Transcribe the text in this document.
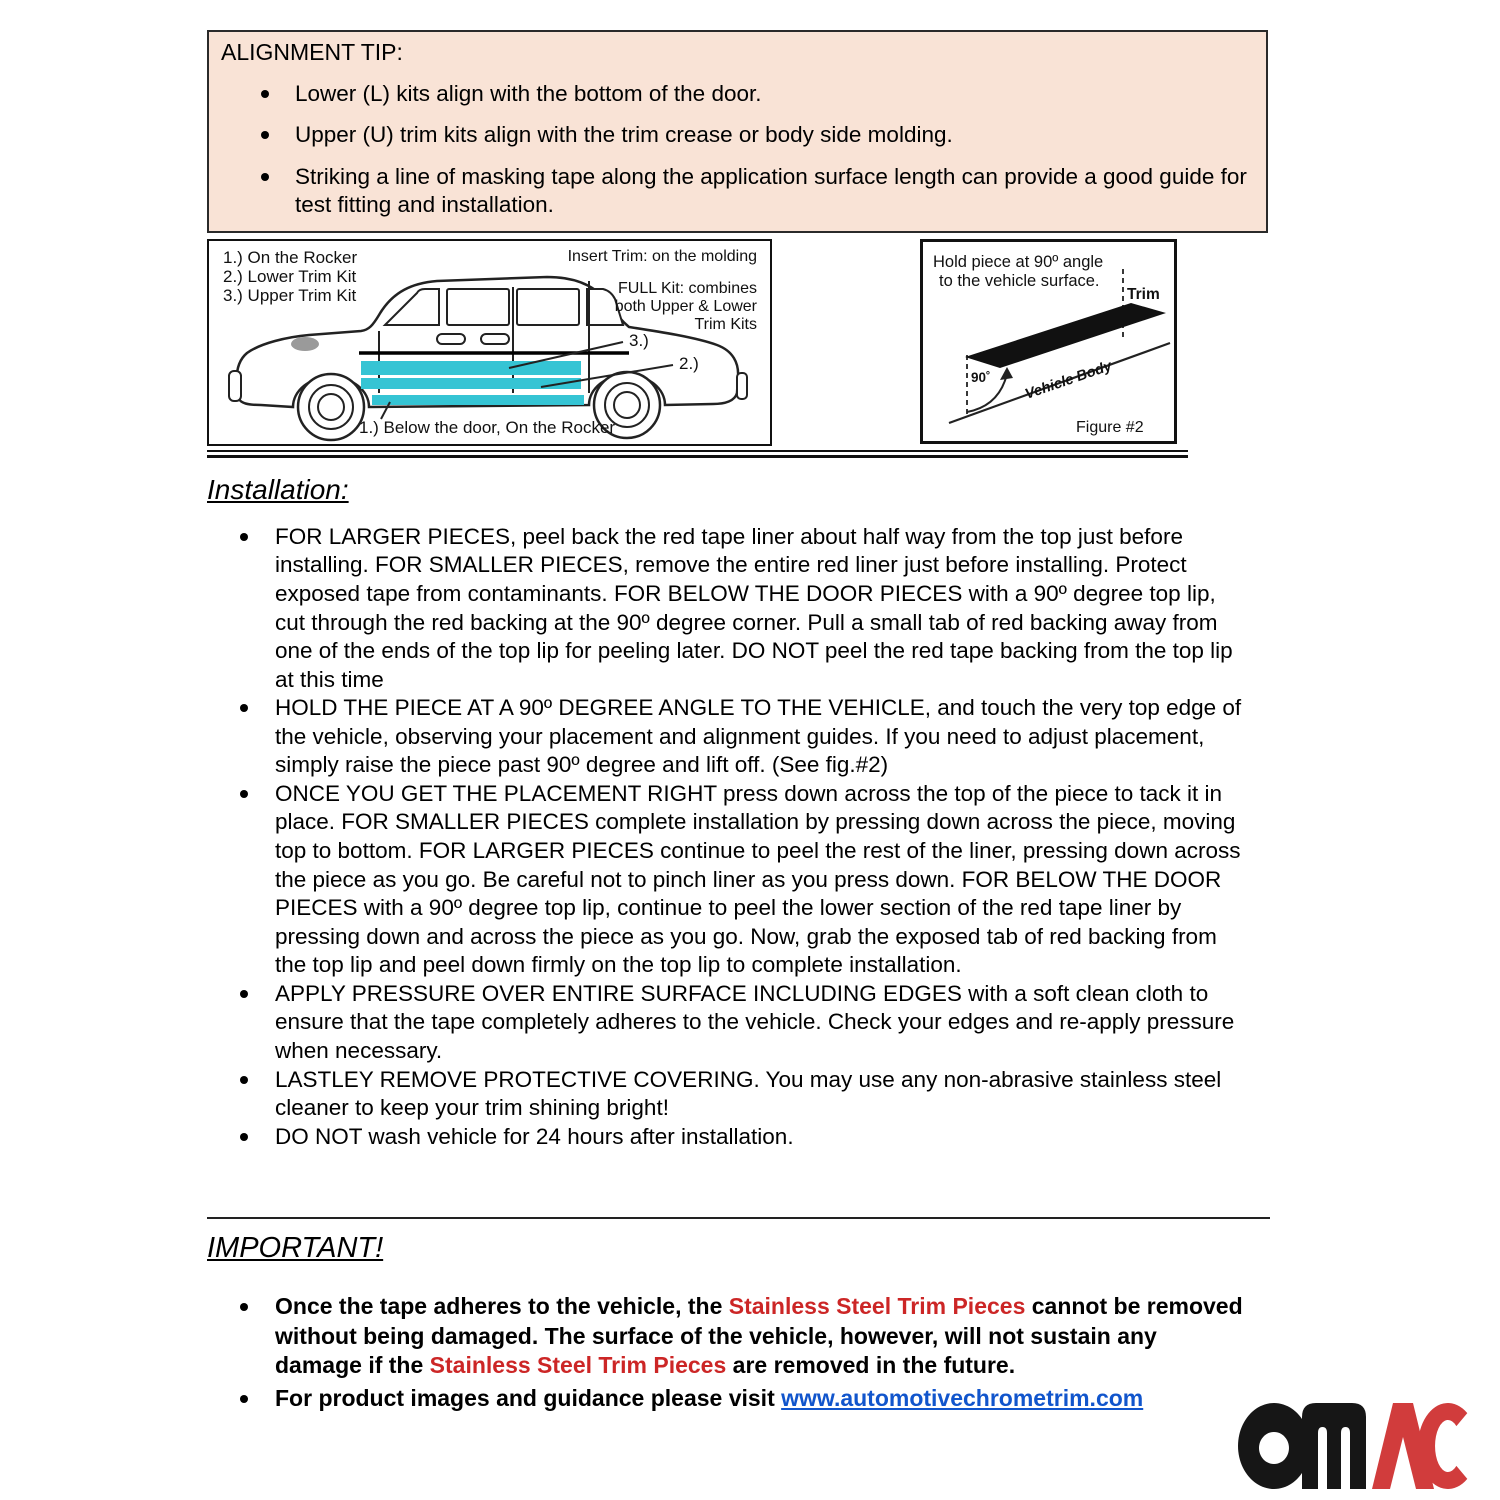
ALIGNMENT TIP:
Lower (L) kits align with the bottom of the door.
Upper (U) trim kits align with the trim crease or body side molding.
Striking a line of masking tape along the application surface length can provide a good guide for test fitting and installation.
1.) On the Rocker
2.) Lower Trim Kit
3.) Upper Trim Kit
Insert Trim: on the molding
FULL Kit: combines
both Upper & Lower
Trim Kits
3.)
2.)
1.) Below the door, On the Rocker
Hold piece at 90º angle
to the vehicle surface.
90˚
Trim
Vehicle Body
Figure #2
Installation:
FOR LARGER PIECES, peel back the red tape liner about half way from the top just before installing. FOR SMALLER PIECES, remove the entire red liner just before installing. Protect exposed tape from contaminants. FOR BELOW THE DOOR PIECES with a 90º degree top lip, cut through the red backing at the 90º degree corner. Pull a small tab of red backing away from one of the ends of the top lip for peeling later. DO NOT peel the red tape backing from the top lip at this time
HOLD THE PIECE AT A 90º DEGREE ANGLE TO THE VEHICLE, and touch the very top edge of the vehicle, observing your placement and alignment guides. If you need to adjust placement, simply raise the piece past 90º degree and lift off. (See fig.#2)
ONCE YOU GET THE PLACEMENT RIGHT press down across the top of the piece to tack it in place. FOR SMALLER PIECES complete installation by pressing down across the piece, moving top to bottom. FOR LARGER PIECES continue to peel the rest of the liner, pressing down across the piece as you go. Be careful not to pinch liner as you press down. FOR BELOW THE DOOR PIECES with a 90º degree top lip, continue to peel the lower section of the red tape liner by pressing down and across the piece as you go. Now, grab the exposed tab of red backing from the top lip and peel down firmly on the top lip to complete installation.
APPLY PRESSURE OVER ENTIRE SURFACE INCLUDING EDGES with a soft clean cloth to ensure that the tape completely adheres to the vehicle. Check your edges and re-apply pressure when necessary.
LASTLEY REMOVE PROTECTIVE COVERING. You may use any non-abrasive stainless steel cleaner to keep your trim shining bright!
DO NOT wash vehicle for 24 hours after installation.
IMPORTANT!
Once the tape adheres to the vehicle, the Stainless Steel Trim Pieces cannot be removed without being damaged. The surface of the vehicle, however, will not sustain any damage if the Stainless Steel Trim Pieces are removed in the future.
For product images and guidance please visit www.automotivechrometrim.com
